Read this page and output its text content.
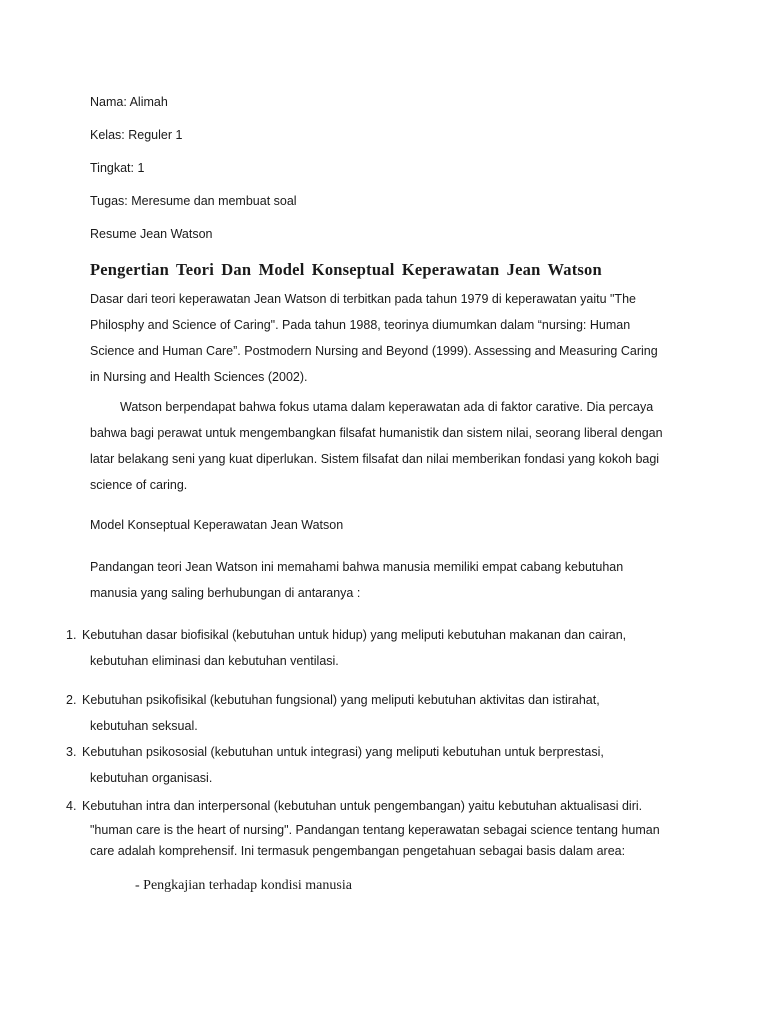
Nama: Alimah

Kelas: Reguler 1

Tingkat: 1

Tugas: Meresume dan membuat soal

Resume Jean Watson

Pengertian Teori Dan Model Konseptual Keperawatan Jean Watson

Dasar dari teori keperawatan Jean Watson di terbitkan pada tahun 1979 di keperawatan yaitu "The Philosphy and Science of Caring". Pada tahun 1988, teorinya diumumkan dalam “nursing: Human Science and Human Care”. Postmodern Nursing and Beyond (1999). Assessing and Measuring Caring in Nursing and Health Sciences (2002).

Watson berpendapat bahwa fokus utama dalam keperawatan ada di faktor carative. Dia percaya bahwa bagi perawat untuk mengembangkan filsafat humanistik dan sistem nilai, seorang liberal dengan latar belakang seni yang kuat diperlukan. Sistem filsafat dan nilai memberikan fondasi yang kokoh bagi science of caring.

Model Konseptual Keperawatan Jean Watson

Pandangan teori Jean Watson ini memahami bahwa manusia memiliki empat cabang kebutuhan manusia yang saling berhubungan di antaranya :

1. Kebutuhan dasar biofisikal (kebutuhan untuk hidup) yang meliputi kebutuhan makanan dan cairan,
kebutuhan eliminasi dan kebutuhan ventilasi.
2. Kebutuhan psikofisikal (kebutuhan fungsional) yang meliputi kebutuhan aktivitas dan istirahat,
kebutuhan seksual.
3. Kebutuhan psikososial (kebutuhan untuk integrasi) yang meliputi kebutuhan untuk berprestasi,
kebutuhan organisasi.
4. Kebutuhan intra dan interpersonal (kebutuhan untuk pengembangan) yaitu kebutuhan aktualisasi diri.

"human care is the heart of nursing". Pandangan tentang keperawatan sebagai science tentang human care adalah komprehensif. Ini termasuk pengembangan pengetahuan sebagai basis dalam area:

- Pengkajian terhadap kondisi manusia
